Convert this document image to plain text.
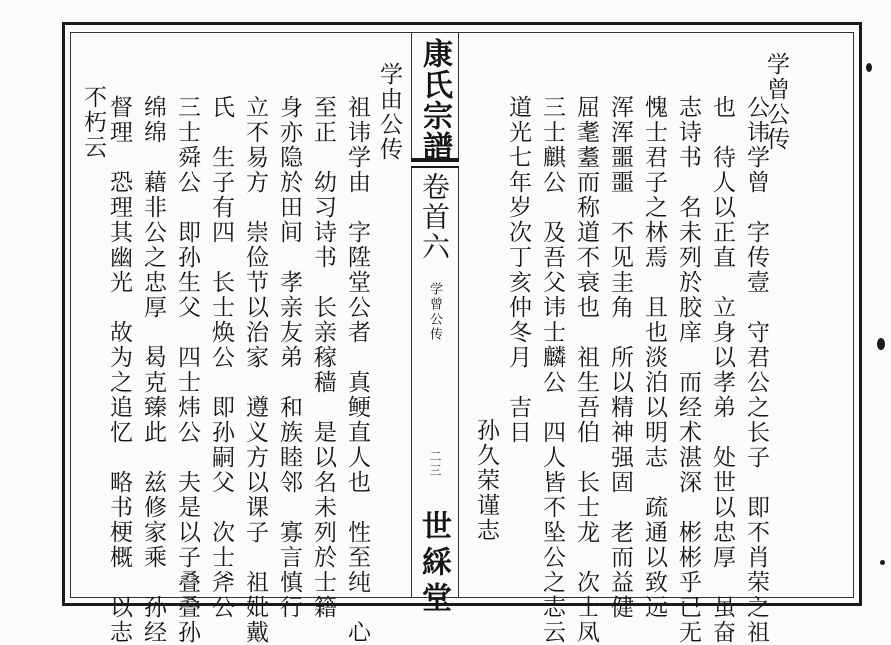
康氏宗譜
卷首六
学曾公传
二三
世綵堂
学曾公传
公讳学曾　字传壹　守君公之长子　即不肖荣之祖
也　待人以正直　立身以孝弟　处世以忠厚　虽奋
志诗书　名未列於胶庠　而经术湛深　彬彬乎已无
愧士君子之林焉　且也淡泊以明志　疏通以致远
浑浑噩噩　不见圭角　所以精神强固　老而益健
屈耄耋而称道不衰也　祖生吾伯　长士龙　次士凤
三士麒公　及吾父讳士麟公　四人皆不坠公之志云
道光七年岁次丁亥仲冬月　吉日
孙久荣谨志
学由公传
祖讳学由　字陞堂公者　真鲠直人也　性至纯　心
至正　幼习诗书　长亲稼穑　是以名未列於士籍
身亦隐於田间　孝亲友弟　和族睦邻　寡言慎行
立不易方　崇俭节以治家　遵义方以课子　祖妣戴
氏　生子有四　长士焕公　即孙嗣父　次士斧公
三士舜公　即孙生父　四士炜公　夫是以子叠叠孙
绵绵　藉非公之忠厚　曷克臻此　兹修家乘　孙经
督理　恐理其幽光　故为之追忆　略书梗概　以志
不朽云
